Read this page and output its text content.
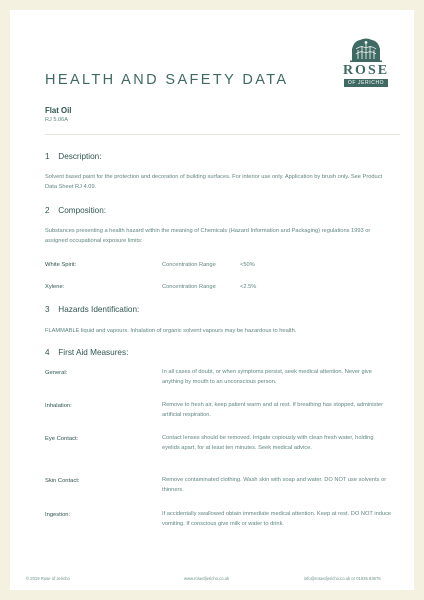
ROSE
OF JERICHO
HEALTH AND SAFETY DATA
Flat Oil
RJ 5.06A
1 Description:
Solvent based paint for the protection and decoration of building surfaces. For interior use only. Application by brush only. See Product Data Sheet RJ 4.09.
2 Composition:
Substances presenting a health hazard within the meaning of Chemicals (Hazard Information and Packaging) regulations 1993 or assigned occupational exposure limits:
White Spirit:	Concentration Range	<50%
Xylene:	Concentration Range	<2.5%
3 Hazards Identification:
FLAMMABLE liquid and vapours. Inhalation of organic solvent vapours may be hazardous to health.
4 First Aid Measures:
General:	In all cases of doubt, or when symptoms persist, seek medical attention. Never give anything by mouth to an unconscious person.
Inhalation:	Remove to fresh air, keep patient warm and at rest. If breathing has stopped, administer artificial respiration.
Eye Contact:	Contact lenses should be removed. Irrigate copiously with clean fresh water, holding eyelids apart, for at least ten minutes. Seek medical advice.
Skin Contact:	Remove contaminated clothing. Wash skin with soap and water. DO NOT use solvents or thinners.
Ingestion:	If accidentally swallowed obtain immediate medical attention. Keep at rest. DO NOT induce vomiting. If conscious give milk or water to drink.
© 2019 Rose of Jericho	www.roseofjericho.co.uk	info@roseofjericho.co.uk or 01935 83676
